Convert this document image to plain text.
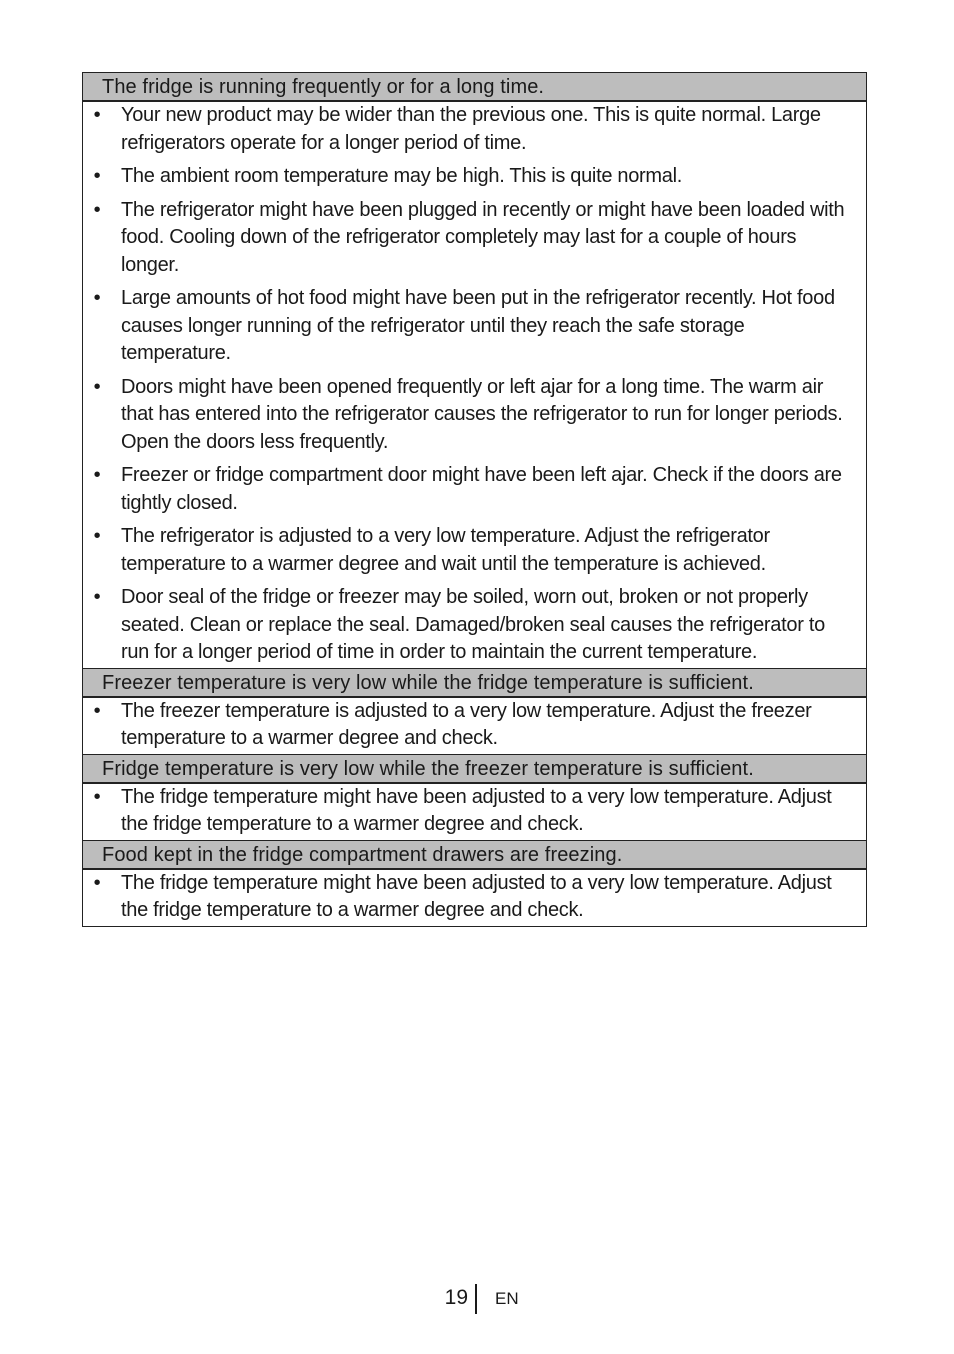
The fridge is running frequently or for a long time.
• Your new product may be wider than the previous one. This is quite normal. Large refrigerators operate for a longer period of time.
• The ambient room temperature may be high. This is quite normal.
• The refrigerator might have been plugged in recently or might have been loaded with food. Cooling down of the refrigerator completely may last for a couple of hours longer.
• Large amounts of hot food might have been put in the refrigerator recently. Hot food causes longer running of the refrigerator until they reach the safe storage temperature.
• Doors might have been opened frequently or left ajar for a long time. The warm air that has entered into the refrigerator causes the refrigerator to run for longer periods. Open the doors less frequently.
• Freezer or fridge compartment door might have been left ajar. Check if the doors are tightly closed.
• The refrigerator is adjusted to a very low temperature. Adjust the refrigerator temperature to a warmer degree and wait until the temperature is achieved.
• Door seal of the fridge or freezer may be soiled, worn out, broken or not properly seated. Clean or replace the seal. Damaged/broken seal causes the refrigerator to run for a longer period of time in order to maintain the current temperature.
Freezer temperature is very low while the fridge temperature is sufficient.
• The freezer temperature is adjusted to a very low temperature. Adjust the freezer temperature to a warmer degree and check.
Fridge temperature is very low while the freezer temperature is sufficient.
• The fridge temperature might have been adjusted to a very low temperature. Adjust the fridge temperature to a warmer degree and check.
Food kept in the fridge compartment drawers are freezing.
• The fridge temperature might have been adjusted to a very low temperature. Adjust the fridge temperature to a warmer degree and check.
19 EN
